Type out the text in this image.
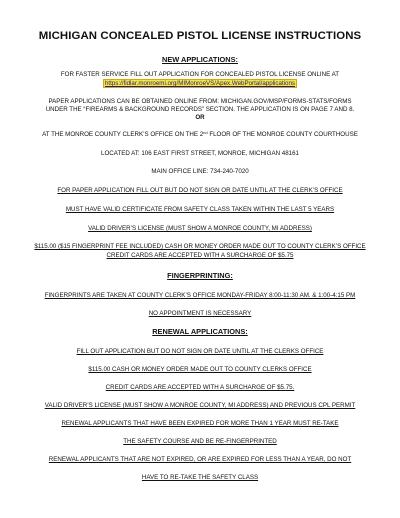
MICHIGAN CONCEALED PISTOL LICENSE INSTRUCTIONS
NEW APPLICATIONS:
FOR FASTER SERVICE FILL OUT APPLICATION FOR CONCEALED PISTOL LICENSE ONLINE AT
https://fidlar.monroemi.org/MIMonroeVS/Apex.WebPortal/applications
PAPER APPLICATIONS CAN BE OBTAINED ONLINE FROM: MICHIGAN.GOV/MSP/FORMS-STATS/FORMS
UNDER THE “FIREARMS & BACKGROUND RECORDS” SECTION. THE APPLICATION IS ON PAGE 7 AND 8.
OR
AT THE MONROE COUNTY CLERK’S OFFICE ON THE 2nd FLOOR OF THE MONROE COUNTY COURTHOUSE
LOCATED AT: 106 EAST FIRST STREET, MONROE, MICHIGAN 48161
MAIN OFFICE LINE: 734-240-7020
FOR PAPER APPLICATION FILL OUT BUT DO NOT SIGN OR DATE UNTIL AT THE CLERK’S OFFICE
MUST HAVE VALID CERTIFICATE FROM SAFETY CLASS TAKEN WITHIN THE LAST 5 YEARS
VALID DRIVER’S LICENSE (MUST SHOW A MONROE COUNTY, MI ADDRESS)
$115.00 ($15 FINGERPRINT FEE INCLUDED) CASH OR MONEY ORDER MADE OUT TO COUNTY CLERK’S OFFICE
CREDIT CARDS ARE ACCEPTED WITH A SURCHARGE OF $5.75
FINGERPRINTING:
FINGERPRINTS ARE TAKEN AT COUNTY CLERK’S OFFICE MONDAY-FRIDAY 8:00-11:30 AM. & 1:00-4:15 PM
NO APPOINTMENT IS NECESSARY
RENEWAL APPLICATIONS:
FILL OUT APPLICATION BUT DO NOT SIGN OR DATE UNTIL AT THE CLERKS OFFICE
$115.00 CASH OR MONEY ORDER MADE OUT TO COUNTY CLERKS OFFICE
CREDIT CARDS ARE ACCEPTED WITH A SURCHARGE OF $5.75.
VALID DRIVER’S LICENSE (MUST SHOW A MONROE COUNTY, MI ADDRESS) AND PREVIOUS CPL PERMIT
RENEWAL APPLICANTS THAT HAVE BEEN EXPIRED FOR MORE THAN 1 YEAR MUST RE-TAKE
THE SAFETY COURSE AND BE RE-FINGERPRINTED
RENEWAL APPLICANTS THAT ARE NOT EXPIRED, OR ARE EXPIRED FOR LESS THAN A YEAR, DO NOT
HAVE TO RE-TAKE THE SAFETY CLASS
